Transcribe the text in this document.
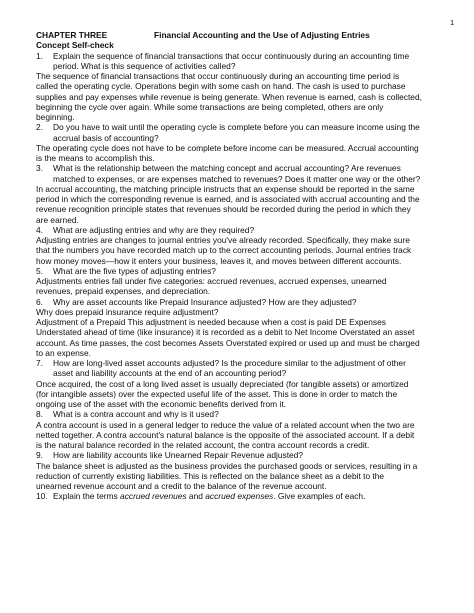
1
CHAPTER THREE	Financial Accounting and the Use of Adjusting Entries
Concept Self-check
1. Explain the sequence of financial transactions that occur continuously during an accounting time
period. What is this sequence of activities called?
The sequence of financial transactions that occur continuously during an accounting time period is
called the operating cycle. Operations begin with some cash on hand. The cash is used to purchase
supplies and pay expenses while revenue is being generate. When revenue is earned, cash is collected,
beginning the cycle over again. While some transactions are being completed, others are only
beginning.
2. Do you have to wait until the operating cycle is complete before you can measure income using the
accrual basis of accounting?
The operating cycle does not have to be complete before income can be measured. Accrual accounting
is the means to accomplish this.
3. What is the relationship between the matching concept and accrual accounting? Are revenues
matched to expenses, or are expenses matched to revenues? Does it matter one way or the other?
In accrual accounting, the matching principle instructs that an expense should be reported in the same
period in which the corresponding revenue is earned, and is associated with accrual accounting and the
revenue recognition principle states that revenues should be recorded during the period in which they
are earned.
4. What are adjusting entries and why are they required?
Adjusting entries are changes to journal entries you've already recorded. Specifically, they make sure
that the numbers you have recorded match up to the correct accounting periods. Journal entries track
how money moves—how it enters your business, leaves it, and moves between different accounts.
5. What are the five types of adjusting entries?
Adjustments entries fall under five categories: accrued revenues, accrued expenses, unearned
revenues, prepaid expenses, and depreciation.
6. Why are asset accounts like Prepaid Insurance adjusted? How are they adjusted?
Why does prepaid insurance require adjustment?
Adjustment of a Prepaid This adjustment is needed because when a cost is paid DE Expenses
Understated ahead of time (like insurance) it is recorded as a debit to Net Income Overstated an asset
account. As time passes, the cost becomes Assets Overstated expired or used up and must be charged
to an expense.
7. How are long-lived asset accounts adjusted? Is the procedure similar to the adjustment of other
asset and liability accounts at the end of an accounting period?
Once acquired, the cost of a long lived asset is usually depreciated (for tangible assets) or amortized
(for intangible assets) over the expected useful life of the asset. This is done in order to match the
ongoing use of the asset with the economic benefits derived from it.
8. What is a contra account and why is it used?
A contra account is used in a general ledger to reduce the value of a related account when the two are
netted together. A contra account's natural balance is the opposite of the associated account. If a debit
is the natural balance recorded in the related account, the contra account records a credit.
9. How are liability accounts like Unearned Repair Revenue adjusted?
The balance sheet is adjusted as the business provides the purchased goods or services, resulting in a
reduction of currently existing liabilities. This is reflected on the balance sheet as a debit to the
unearned revenue account and a credit to the balance of the revenue account.
10. Explain the terms accrued revenues and accrued expenses. Give examples of each.
